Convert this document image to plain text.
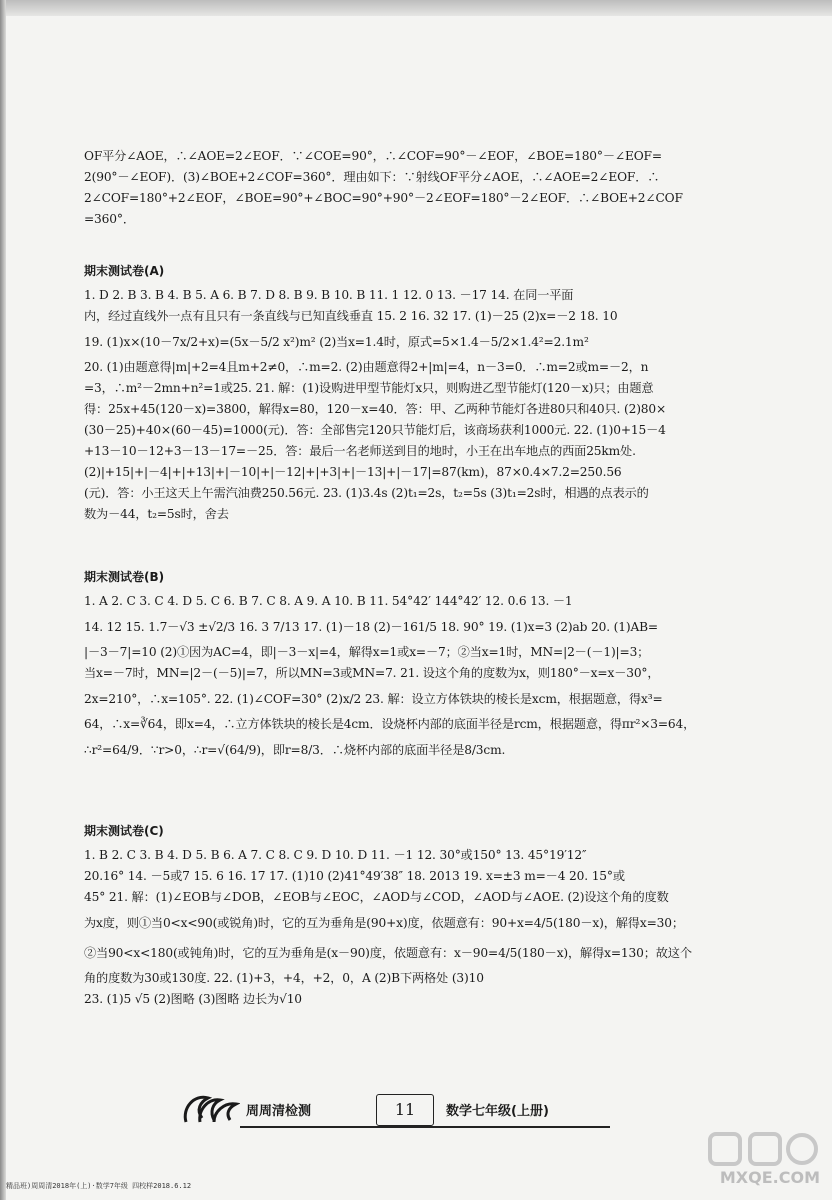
OF平分∠AOE，∴∠AOE=2∠EOF．∵∠COE=90°，∴∠COF=90°－∠EOF，∠BOE=180°－∠EOF=
2(90°－∠EOF)．(3)∠BOE+2∠COF=360°．理由如下：∵射线OF平分∠AOE，∴∠AOE=2∠EOF．∴
2∠COF=180°+2∠EOF，∠BOE=90°+∠BOC=90°+90°－2∠EOF=180°－2∠EOF．∴∠BOE+2∠COF
=360°．
期末测试卷(A)
1. D 2. B 3. B 4. B 5. A 6. B 7. D 8. B 9. B 10. B 11. 1 12. 0 13. －17 14. 在同一平面
内，经过直线外一点有且只有一条直线与已知直线垂直 15. 2 16. 32 17. (1)－25 (2)x=－2 18. 10
19. (1)x×(10－7x/2+x)=(5x－5/2 x²)m² (2)当x=1.4时，原式=5×1.4－5/2×1.4²=2.1m²
20. (1)由题意得|m|+2=4且m+2≠0，∴m=2. (2)由题意得2+|m|=4，n－3=0．∴m=2或m=－2，n
=3，∴m²－2mn+n²=1或25. 21. 解：(1)设购进甲型节能灯x只，则购进乙型节能灯(120－x)只；由题意
得：25x+45(120－x)=3800，解得x=80，120－x=40．答：甲、乙两种节能灯各进80只和40只. (2)80×
(30－25)+40×(60－45)=1000(元)．答：全部售完120只节能灯后，该商场获利1000元. 22. (1)0+15－4
+13－10－12+3－13－17=－25．答：最后一名老师送到目的地时，小王在出车地点的西面25km处.
(2)|+15|+|－4|+|+13|+|－10|+|－12|+|+3|+|－13|+|－17|=87(km)，87×0.4×7.2=250.56
(元)．答：小王这天上午需汽油费250.56元. 23. (1)3.4s (2)t₁=2s，t₂=5s (3)t₁=2s时，相遇的点表示的
数为－44，t₂=5s时，舍去
期末测试卷(B)
1. A 2. C 3. C 4. D 5. C 6. B 7. C 8. A 9. A 10. B 11. 54°42′ 144°42′ 12. 0.6 13. －1
14. 12 15. 1.7－√3 ±√2/3 16. 3 7/13 17. (1)－18 (2)－161/5 18. 90° 19. (1)x=3 (2)ab 20. (1)AB=
|－3－7|=10 (2)①因为AC=4，即|－3－x|=4，解得x=1或x=－7；②当x=1时，MN=|2－(－1)|=3；
当x=－7时，MN=|2－(－5)|=7，所以MN=3或MN=7. 21. 设这个角的度数为x，则180°－x=x－30°，
2x=210°，∴x=105°. 22. (1)∠COF=30° (2)x/2 23. 解：设立方体铁块的棱长是xcm，根据题意，得x³=
64，∴x=∛64，即x=4，∴立方体铁块的棱长是4cm．设烧杯内部的底面半径是rcm，根据题意，得πr²×3=64，
∴r²=64/9．∵r>0，∴r=√(64/9)，即r=8/3．∴烧杯内部的底面半径是8/3cm.
期末测试卷(C)
1. B 2. C 3. B 4. D 5. B 6. A 7. C 8. C 9. D 10. D 11. －1 12. 30°或150° 13. 45°19′12″
20.16° 14. －5或7 15. 6 16. 17 17. (1)10 (2)41°49′38″ 18. 2013 19. x=±3 m=－4 20. 15°或
45° 21. 解：(1)∠EOB与∠DOB，∠EOB与∠EOC，∠AOD与∠COD，∠AOD与∠AOE. (2)设这个角的度数
为x度，则①当0<x<90(或锐角)时，它的互为垂角是(90+x)度，依题意有：90+x=4/5(180－x)，解得x=30；
②当90<x<180(或钝角)时，它的互为垂角是(x－90)度，依题意有：x－90=4/5(180－x)，解得x=130；故这个
角的度数为30或130度. 22. (1)+3，+4，+2，0，A (2)B下两格处 (3)10
23. (1)5 √5 (2)图略 (3)图略 边长为√10
周周清检测	11	数学七年级(上册)
精品班)周周清2018年(上)·数学7年级 四校样2018.6.12	MXQE.COM
